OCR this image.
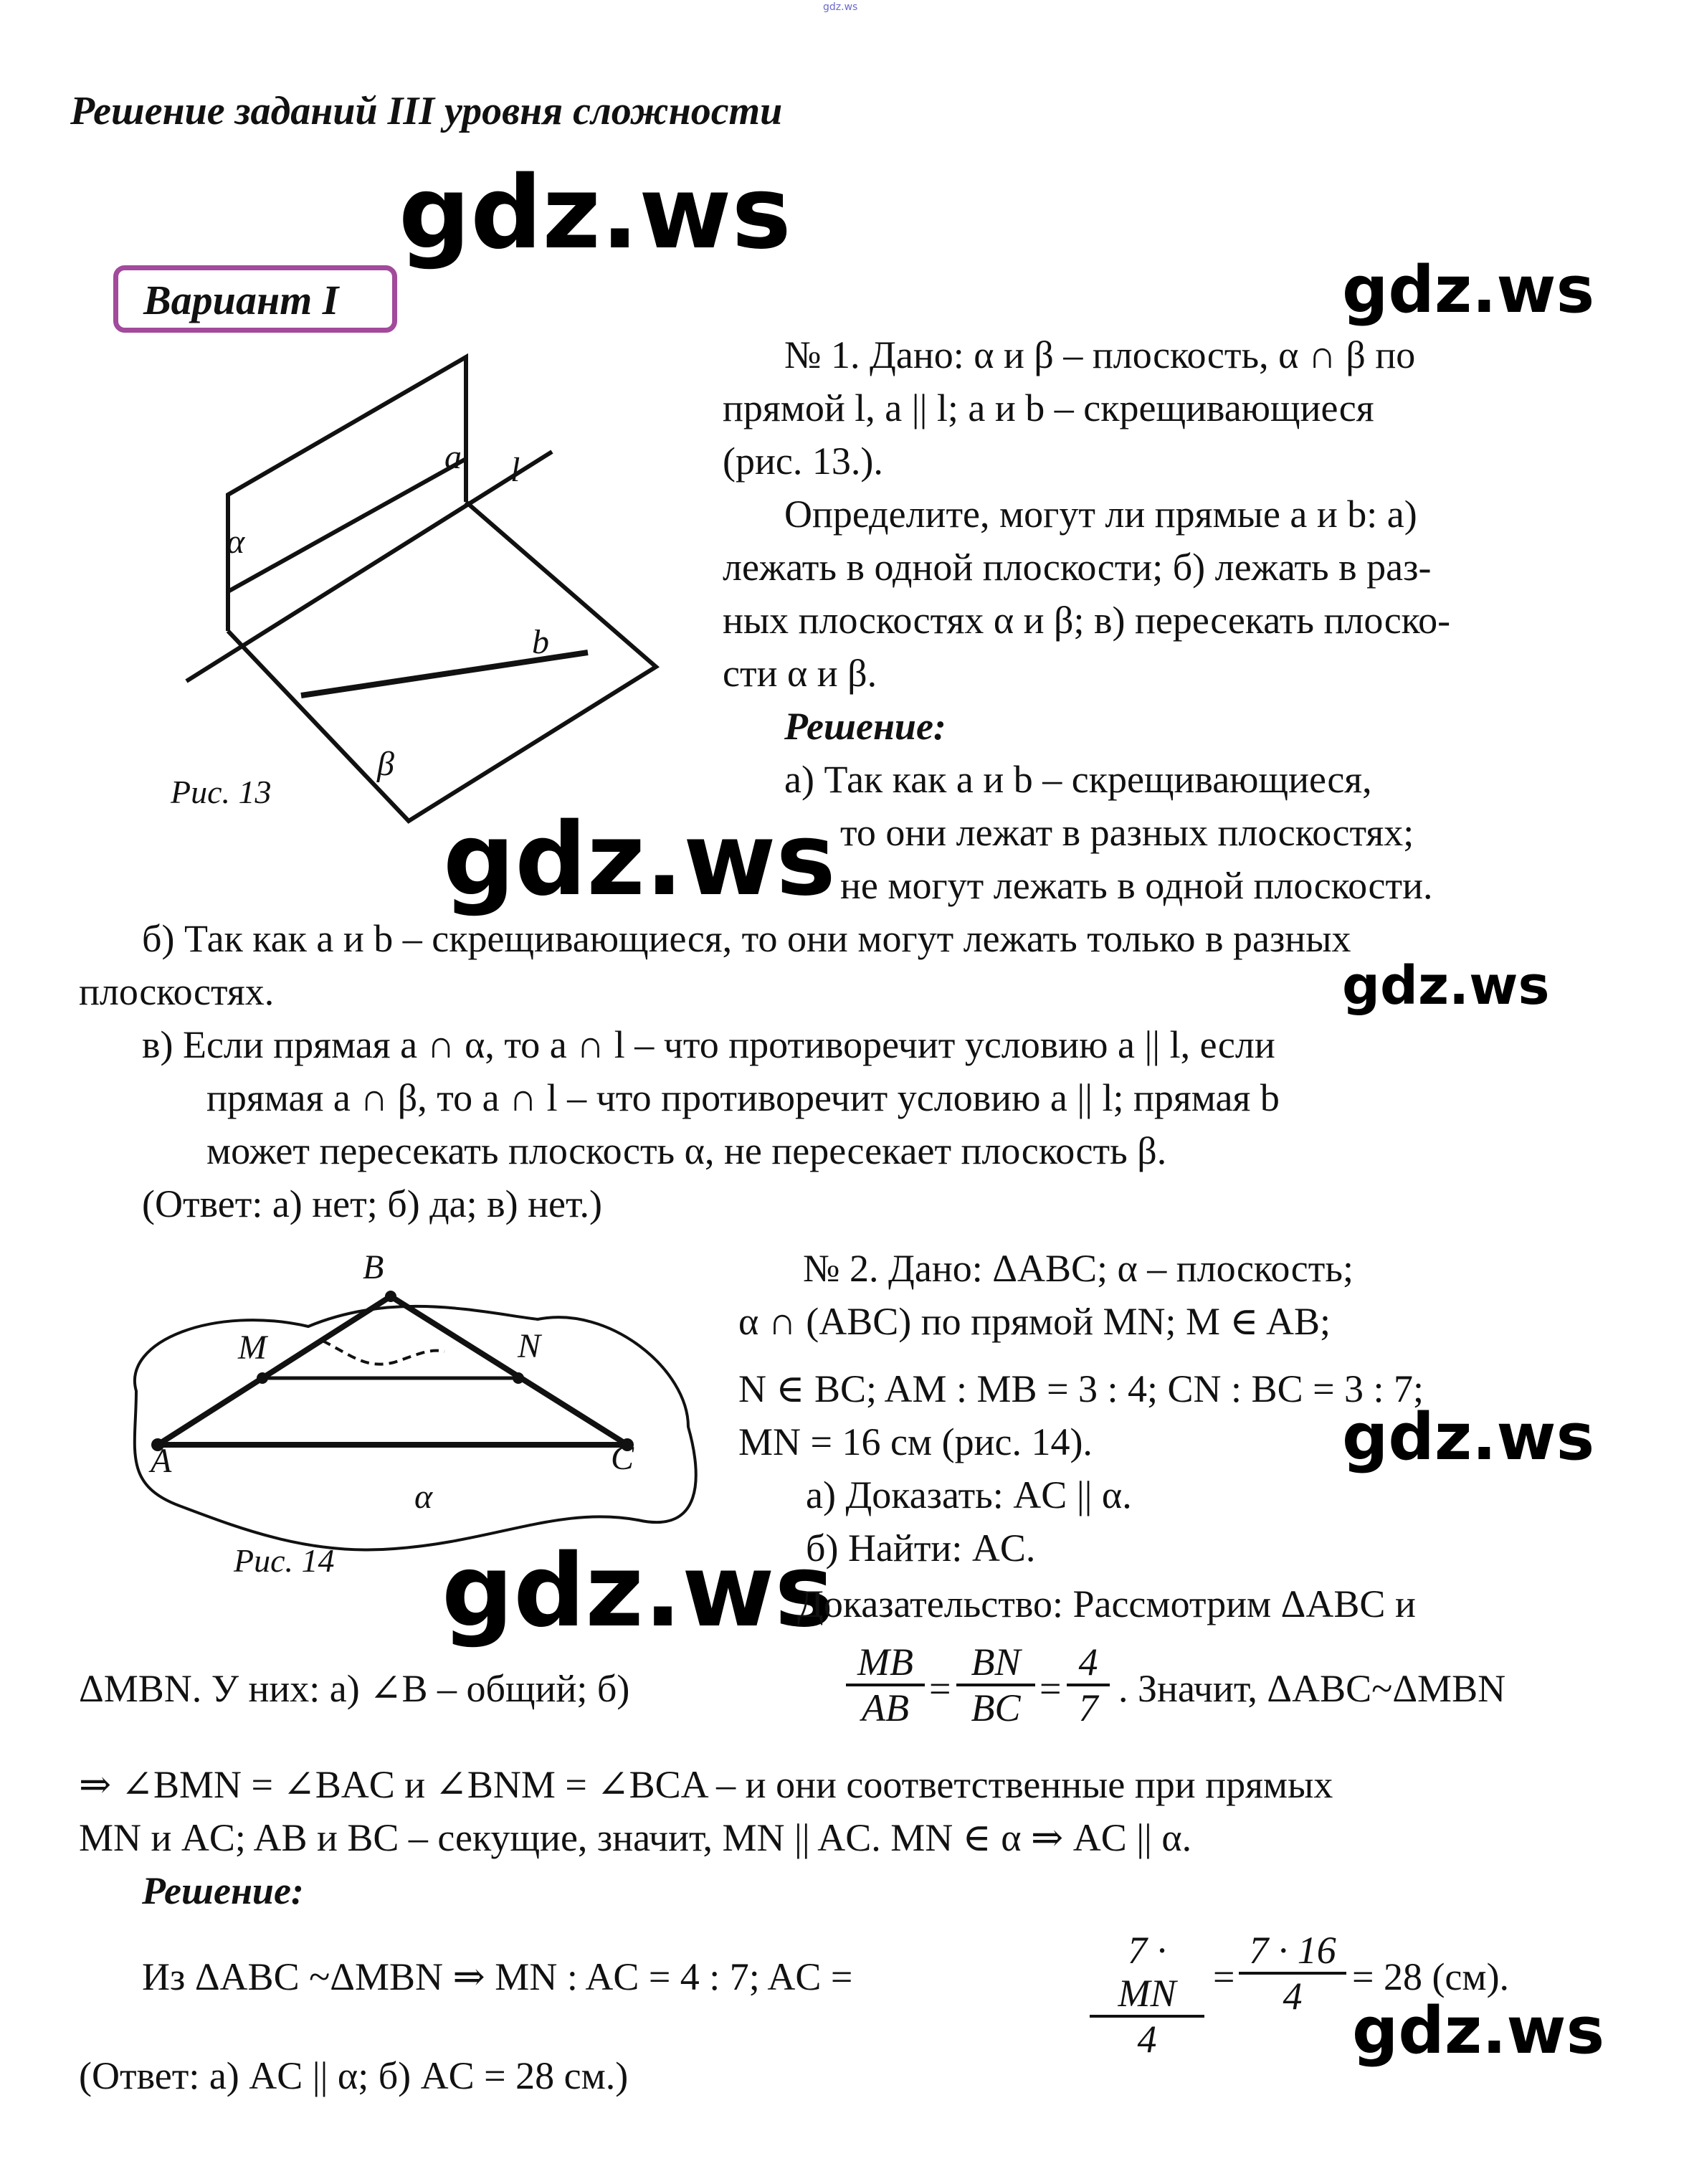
gdz.ws
Решение заданий III уровня сложности
gdz.ws
gdz.ws
gdz.ws
gdz.ws
gdz.ws
gdz.ws
gdz.ws
Вариант I
a l
α
b
β
Рис. 13
№ 1. Дано: α и β – плоскость, α ∩ β по
прямой l, a || l; a и b – скрещивающиеся
(рис. 13.).
Определите, могут ли прямые a и b: а)
лежать в одной плоскости; б) лежать в раз-
ных плоскостях α и β; в) пересекать плоско-
сти α и β.
Решение:
а) Так как a и b – скрещивающиеся,
то они лежат в разных плоскостях;
не могут лежать в одной плоскости.
б) Так как a и b – скрещивающиеся, то они могут лежать только в разных
плоскостях.
в) Если прямая a ∩ α, то a ∩ l – что противоречит условию a || l, если
прямая a ∩ β, то a ∩ l – что противоречит условию a || l; прямая b
может пересекать плоскость α, не пересекает плоскость β.
(Ответ: а) нет; б) да; в) нет.)
B
M	N
A	C
α
Рис. 14
№ 2. Дано: ΔABC; α – плоскость;
α ∩ (ABC) по прямой MN; M ∈ AB;
N ∈ BC; AM : MB = 3 : 4; CN : BC = 3 : 7;
MN = 16 см (рис. 14).
а) Доказать: AC || α.
б) Найти: AC.
Доказательство: Рассмотрим ΔABC и
ΔMBN. У них: а) ∠B – общий; б)	$\frac{MB}{AB} = \frac{BN}{BC} = \frac{4}{7}$ . Значит, ΔABC~ΔMBN
⇒ ∠BMN = ∠BAC и ∠BNM = ∠BCA – и они соответственные при прямых
MN и AC; AB и BC – секущие, значит, MN || AC. MN ∈ α ⇒ AC || α.
Решение:
Из ΔABC ~ΔMBN ⇒ MN : AC = 4 : 7; AC =	$\frac{7 \cdot MN}{4} = \frac{7 \cdot 16}{4} = 28$ (см).
(Ответ: а) AC || α; б) AC = 28 см.)
